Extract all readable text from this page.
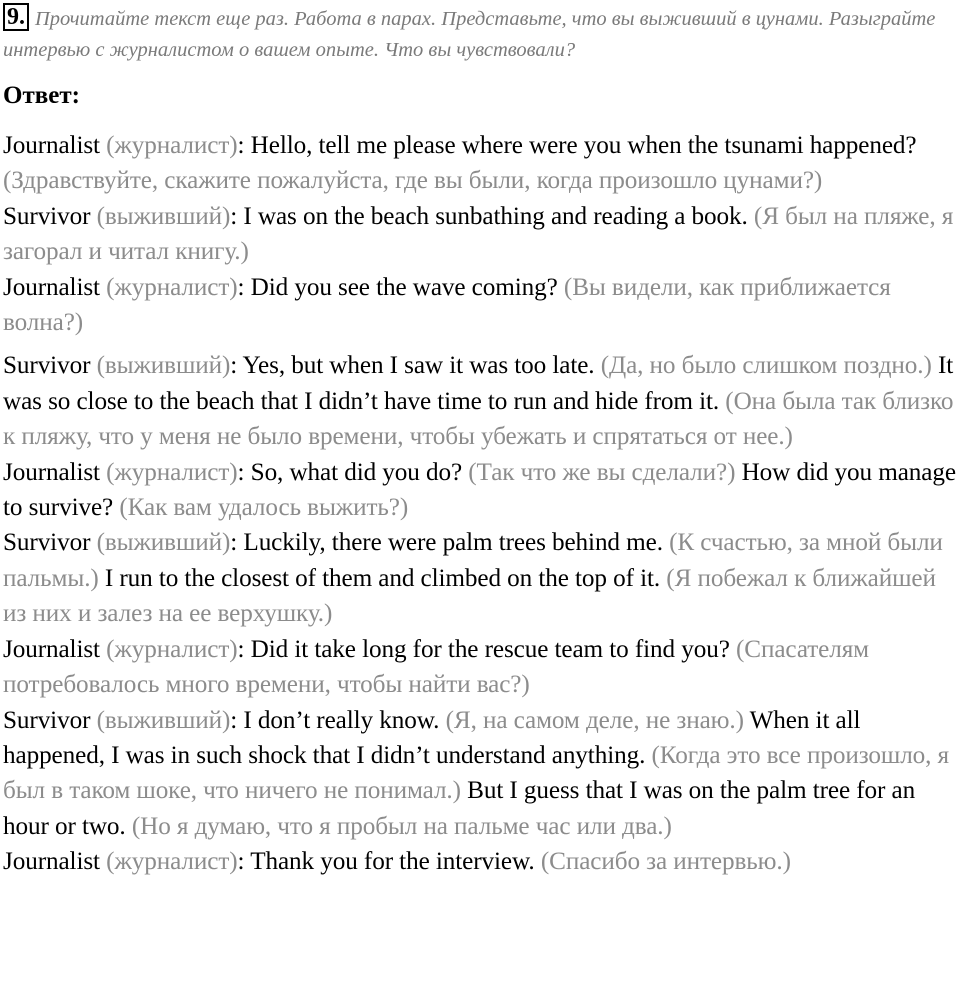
9. Прочитайте текст еще раз. Работа в парах. Представьте, что вы выживший в цунами. Разыграйте интервью с журналистом о вашем опыте. Что вы чувствовали?
Ответ:

Journalist (журналист): Hello, tell me please where were you when the tsunami happened? (Здравствуйте, скажите пожалуйста, где вы были, когда произошло цунами?)

Survivor (выживший): I was on the beach sunbathing and reading a book. (Я был на пляже, я загорал и читал книгу.)

Journalist (журналист): Did you see the wave coming? (Вы видели, как приближается волна?)

Survivor (выживший): Yes, but when I saw it was too late. (Да, но было слишком поздно.) It was so close to the beach that I didn’t have time to run and hide from it. (Она была так близко к пляжу, что у меня не было времени, чтобы убежать и спрятаться от нее.)

Journalist (журналист): So, what did you do? (Так что же вы сделали?) How did you manage to survive? (Как вам удалось выжить?)

Survivor (выживший): Luckily, there were palm trees behind me. (К счастью, за мной были пальмы.) I run to the closest of them and climbed on the top of it. (Я побежал к ближайшей из них и залез на ее верхушку.)

Journalist (журналист): Did it take long for the rescue team to find you? (Спасателям потребовалось много времени, чтобы найти вас?)

Survivor (выживший): I don’t really know. (Я, на самом деле, не знаю.) When it all happened, I was in such shock that I didn’t understand anything. (Когда это все произошло, я был в таком шоке, что ничего не понимал.) But I guess that I was on the palm tree for an hour or two. (Но я думаю, что я пробыл на пальме час или два.)

Journalist (журналист): Thank you for the interview. (Спасибо за интервью.)
